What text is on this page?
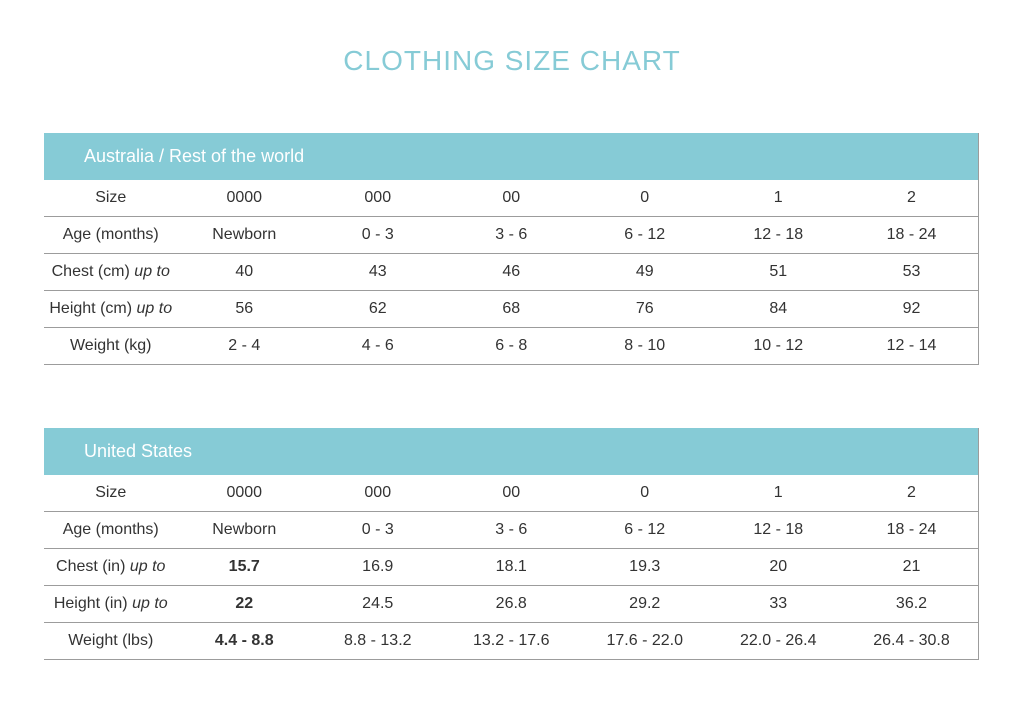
CLOTHING SIZE CHART
Australia / Rest of the world						
Size	0000	000	00	0	1	2
Age (months)	Newborn	0 - 3	3 - 6	6 - 12	12 - 18	18 - 24
Chest (cm) up to	40	43	46	49	51	53
Height (cm) up to	56	62	68	76	84	92
Weight (kg)	2 - 4	4 - 6	6 - 8	8 - 10	10 - 12	12 - 14
United States						
Size	0000	000	00	0	1	2
Age (months)	Newborn	0 - 3	3 - 6	6 - 12	12 - 18	18 - 24
Chest (in) up to	15.7	16.9	18.1	19.3	20	21
Height (in) up to	22	24.5	26.8	29.2	33	36.2
Weight (lbs)	4.4 - 8.8	8.8 - 13.2	13.2 - 17.6	17.6 - 22.0	22.0 - 26.4	26.4 - 30.8
